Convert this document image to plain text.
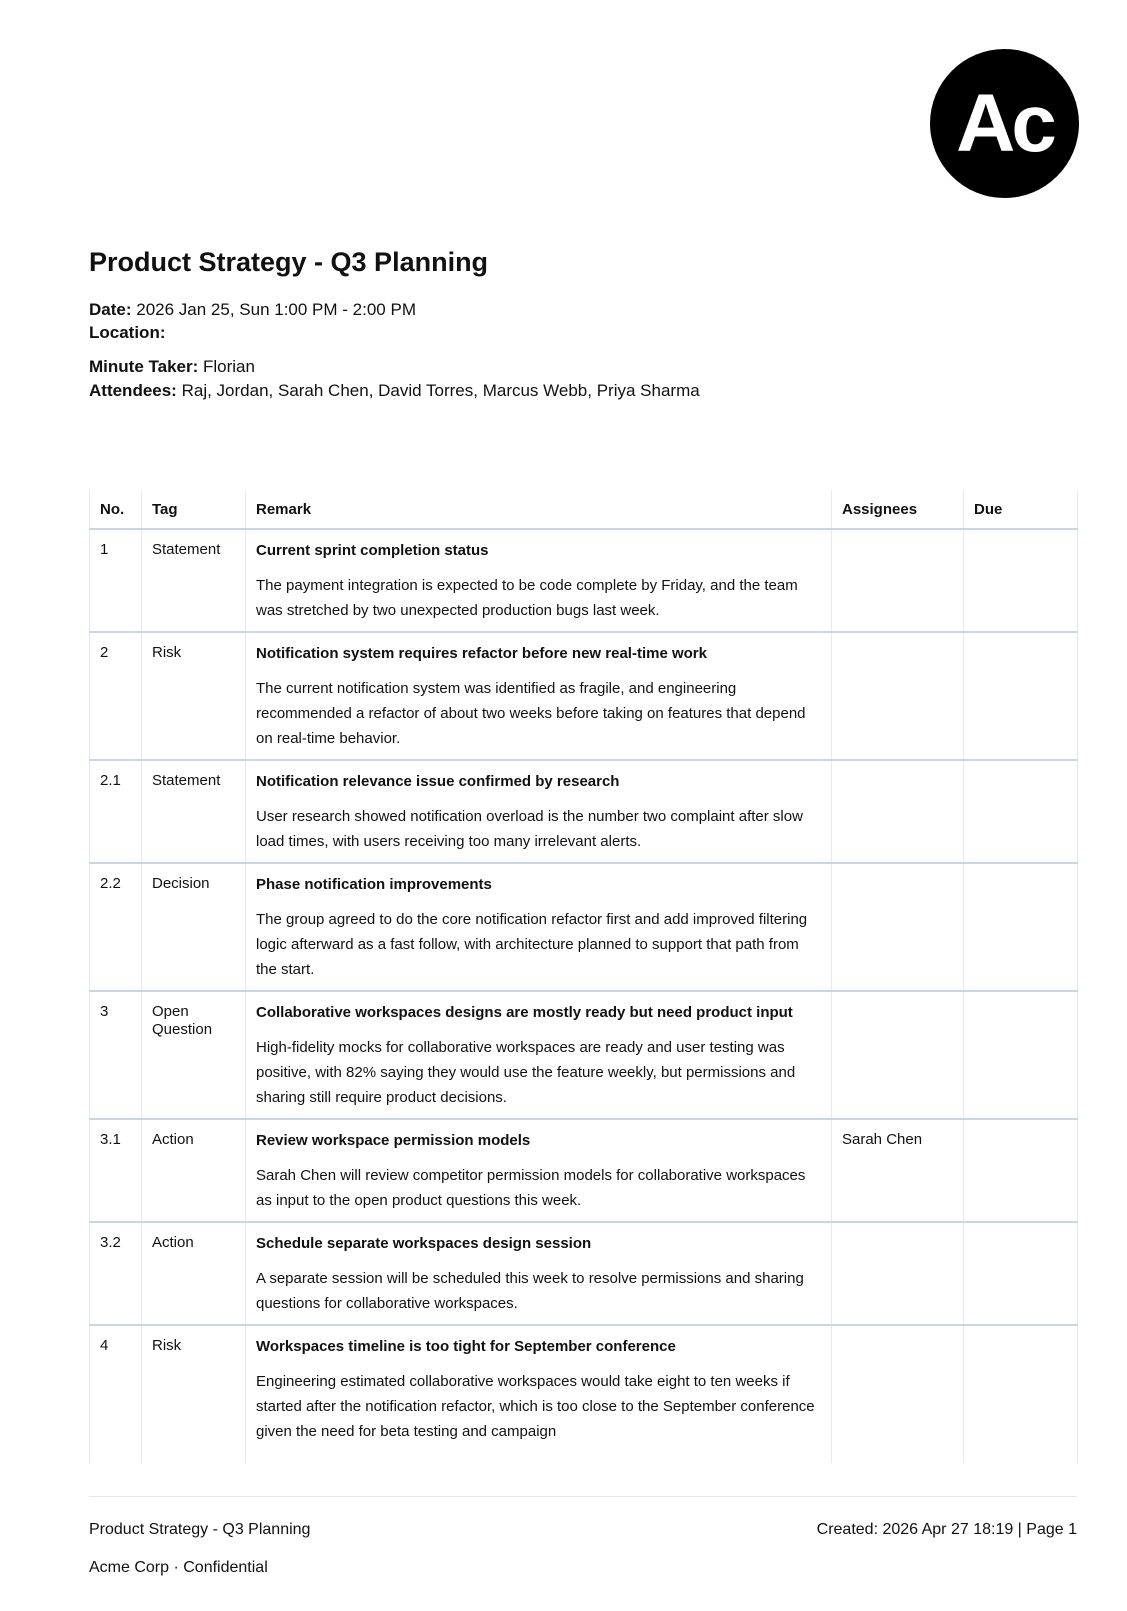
Ac
Product Strategy - Q3 Planning
Date: 2026 Jan 25, Sun 1:00 PM - 2:00 PM
Location:
Minute Taker: Florian
Attendees: Raj, Jordan, Sarah Chen, David Torres, Marcus Webb, Priya Sharma
No.	Tag	Remark	Assignees	Due
1	Statement	Current sprint completion status
The payment integration is expected to be code complete by Friday, and the team was stretched by two unexpected production bugs last week.		

2	Risk	Notification system requires refactor before new real-time work
The current notification system was identified as fragile, and engineering recommended a refactor of about two weeks before taking on features that depend on real-time behavior.		

2.1	Statement	Notification relevance issue confirmed by research
User research showed notification overload is the number two complaint after slow load times, with users receiving too many irrelevant alerts.		

2.2	Decision	Phase notification improvements
The group agreed to do the core notification refactor first and add improved filtering logic afterward as a fast follow, with architecture planned to support that path from the start.		

3	Open Question	Collaborative workspaces designs are mostly ready but need product input
High-fidelity mocks for collaborative workspaces are ready and user testing was positive, with 82% saying they would use the feature weekly, but permissions and sharing still require product decisions.		

3.1	Action	Review workspace permission models
Sarah Chen will review competitor permission models for collaborative workspaces as input to the open product questions this week.	Sarah Chen	
3.2	Action	Schedule separate workspaces design session
A separate session will be scheduled this week to resolve permissions and sharing questions for collaborative workspaces.		

4	Risk	Workspaces timeline is too tight for September conference
Engineering estimated collaborative workspaces would take eight to ten weeks if started after the notification refactor, which is too close to the September conference given the need for beta testing and campaign		

Product Strategy - Q3 Planning	Created: 2026 Apr 27 18:19 | Page 1
Acme Corp · Confidential
